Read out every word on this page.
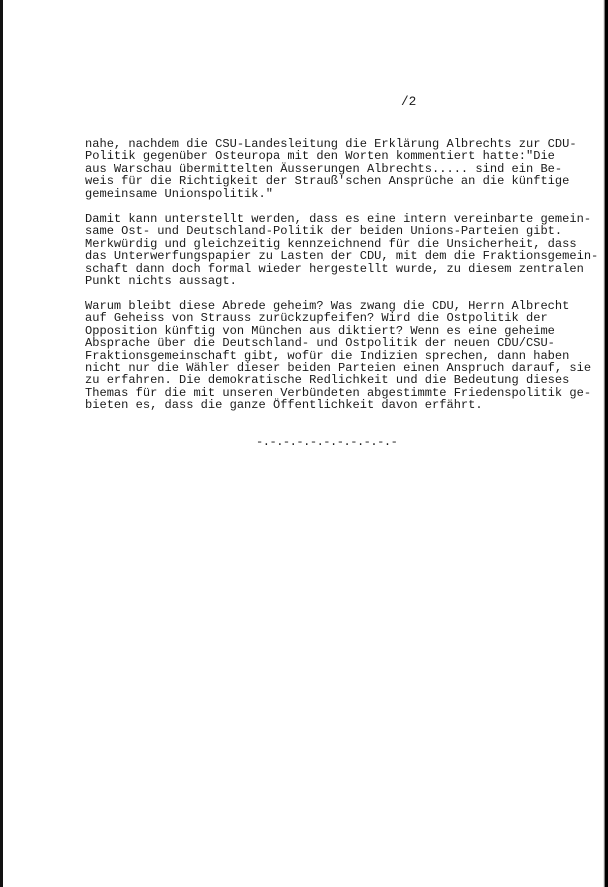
/2
nahe, nachdem die CSU-Landesleitung die Erklärung Albrechts zur CDU-
Politik gegenüber Osteuropa mit den Worten kommentiert hatte:"Die
aus Warschau übermittelten Äusserungen Albrechts..... sind ein Be-
weis für die Richtigkeit der Strauß'schen Ansprüche an die künftige
gemeinsame Unionspolitik."
Damit kann unterstellt werden, dass es eine intern vereinbarte gemein-
same Ost- und Deutschland-Politik der beiden Unions-Parteien gibt.
Merkwürdig und gleichzeitig kennzeichnend für die Unsicherheit, dass
das Unterwerfungspapier zu Lasten der CDU, mit dem die Fraktionsgemein-
schaft dann doch formal wieder hergestellt wurde, zu diesem zentralen
Punkt nichts aussagt.
Warum bleibt diese Abrede geheim? Was zwang die CDU, Herrn Albrecht
auf Geheiss von Strauss zurückzupfeifen? Wird die Ostpolitik der
Opposition künftig von München aus diktiert? Wenn es eine geheime
Absprache über die Deutschland- und Ostpolitik der neuen CDU/CSU-
Fraktionsgemeinschaft gibt, wofür die Indizien sprechen, dann haben
nicht nur die Wähler dieser beiden Parteien einen Anspruch darauf, sie
zu erfahren. Die demokratische Redlichkeit und die Bedeutung dieses
Themas für die mit unseren Verbündeten abgestimmte Friedenspolitik ge-
bieten es, dass die ganze Öffentlichkeit davon erfährt.
-.-.-.-.-.-.-.-.-.-.-
